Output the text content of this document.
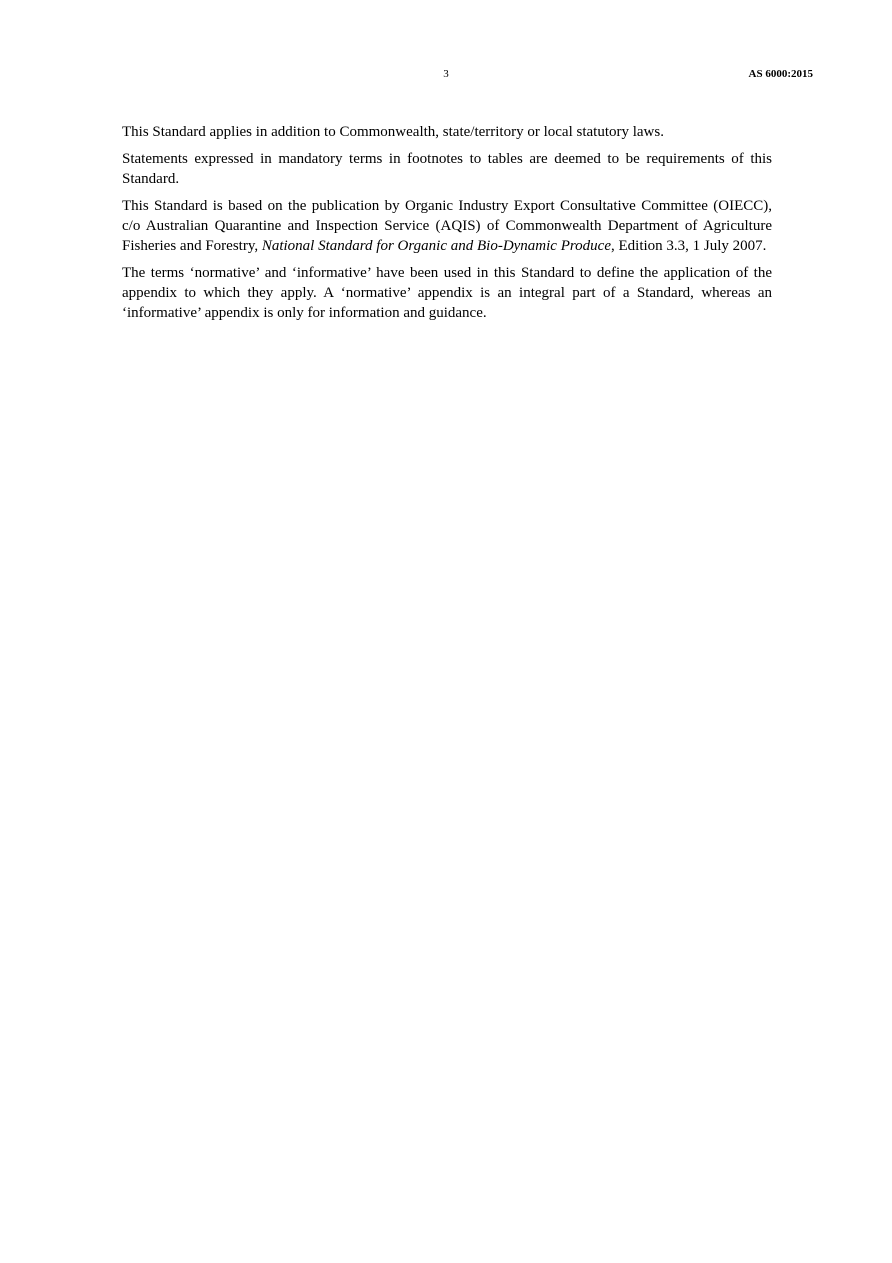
3	AS 6000:2015

This Standard applies in addition to Commonwealth, state/territory or local statutory laws.

Statements expressed in mandatory terms in footnotes to tables are deemed to be requirements of this Standard.

This Standard is based on the publication by Organic Industry Export Consultative Committee (OIECC), c/o Australian Quarantine and Inspection Service (AQIS) of Commonwealth Department of Agriculture Fisheries and Forestry, National Standard for Organic and Bio-Dynamic Produce, Edition 3.3, 1 July 2007.

The terms ‘normative’ and ‘informative’ have been used in this Standard to define the application of the appendix to which they apply. A ‘normative’ appendix is an integral part of a Standard, whereas an ‘informative’ appendix is only for information and guidance.
